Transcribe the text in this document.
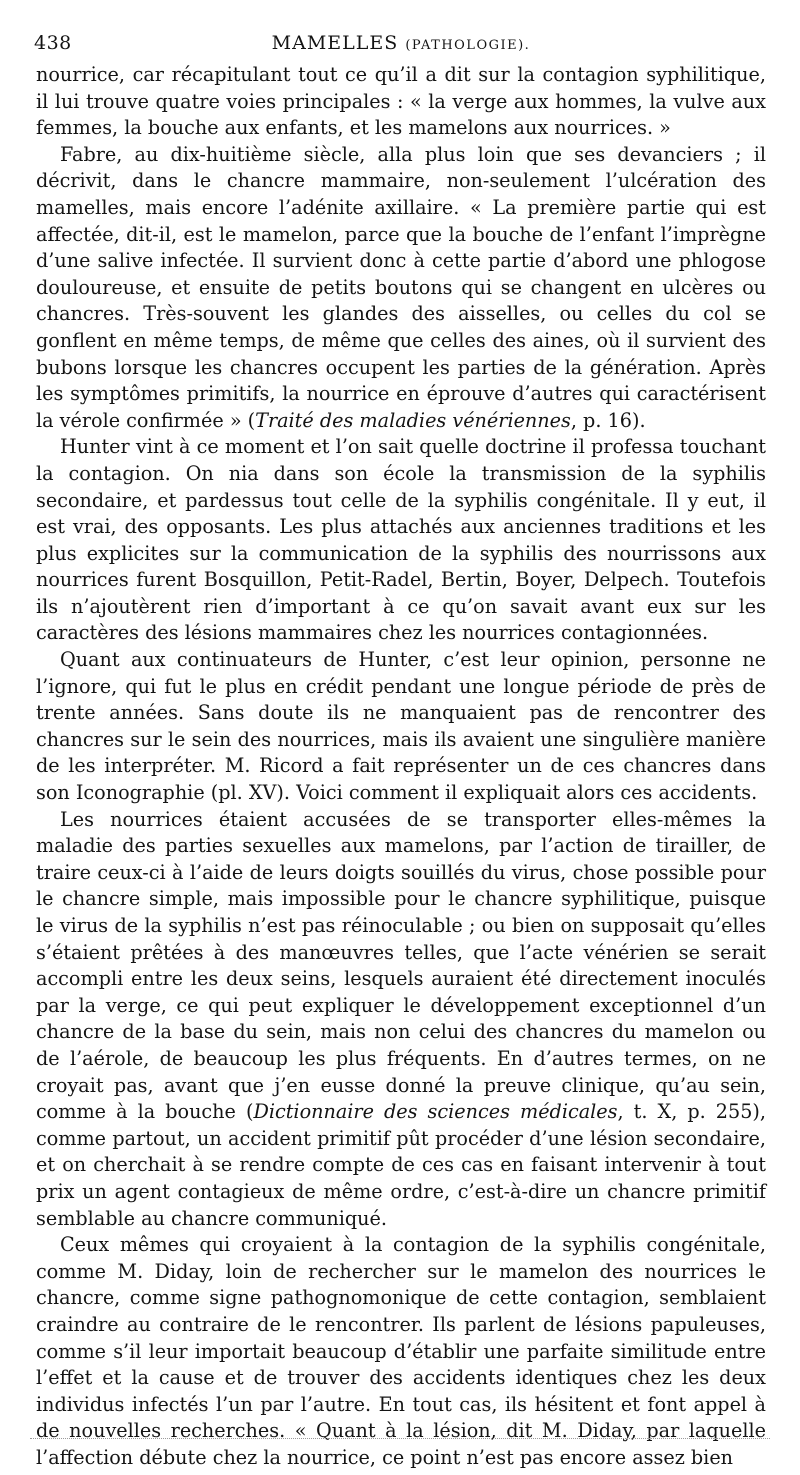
438	MAMELLES (PATHOLOGIE).

nourrice, car récapitulant tout ce qu’il a dit sur la contagion syphilitique, il lui trouve quatre voies principales : « la verge aux hommes, la vulve aux femmes, la bouche aux enfants, et les mamelons aux nourrices. »

Fabre, au dix-huitième siècle, alla plus loin que ses devanciers ; il décrivit, dans le chancre mammaire, non-seulement l’ulcération des mamelles, mais encore l’adénite axillaire. « La première partie qui est affectée, dit-il, est le mamelon, parce que la bouche de l’enfant l’imprègne d’une salive infectée. Il survient donc à cette partie d’abord une phlogose douloureuse, et ensuite de petits boutons qui se changent en ulcères ou chancres. Très-souvent les glandes des aisselles, ou celles du col se gonflent en même temps, de même que celles des aines, où il survient des bubons lorsque les chancres occupent les parties de la génération. Après les symptômes primitifs, la nourrice en éprouve d’autres qui caractérisent la vérole confirmée » (Traité des maladies vénériennes, p. 16).

Hunter vint à ce moment et l’on sait quelle doctrine il professa touchant la contagion. On nia dans son école la transmission de la syphilis secondaire, et pardessus tout celle de la syphilis congénitale. Il y eut, il est vrai, des opposants. Les plus attachés aux anciennes traditions et les plus explicites sur la communication de la syphilis des nourrissons aux nourrices furent Bosquillon, Petit-Radel, Bertin, Boyer, Delpech. Toutefois ils n’ajoutèrent rien d’important à ce qu’on savait avant eux sur les caractères des lésions mammaires chez les nourrices contagionnées.

Quant aux continuateurs de Hunter, c’est leur opinion, personne ne l’ignore, qui fut le plus en crédit pendant une longue période de près de trente années. Sans doute ils ne manquaient pas de rencontrer des chancres sur le sein des nourrices, mais ils avaient une singulière manière de les interpréter. M. Ricord a fait représenter un de ces chancres dans son Iconographie (pl. XV). Voici comment il expliquait alors ces accidents.

Les nourrices étaient accusées de se transporter elles-mêmes la maladie des parties sexuelles aux mamelons, par l’action de tirailler, de traire ceux-ci à l’aide de leurs doigts souillés du virus, chose possible pour le chancre simple, mais impossible pour le chancre syphilitique, puisque le virus de la syphilis n’est pas réinoculable ; ou bien on supposait qu’elles s’étaient prêtées à des manœuvres telles, que l’acte vénérien se serait accompli entre les deux seins, lesquels auraient été directement inoculés par la verge, ce qui peut expliquer le développement exceptionnel d’un chancre de la base du sein, mais non celui des chancres du mamelon ou de l’aérole, de beaucoup les plus fréquents. En d’autres termes, on ne croyait pas, avant que j’en eusse donné la preuve clinique, qu’au sein, comme à la bouche (Dictionnaire des sciences médicales, t. X, p. 255), comme partout, un accident primitif pût procéder d’une lésion secondaire, et on cherchait à se rendre compte de ces cas en faisant intervenir à tout prix un agent contagieux de même ordre, c’est-à-dire un chancre primitif semblable au chancre communiqué.

Ceux mêmes qui croyaient à la contagion de la syphilis congénitale, comme M. Diday, loin de rechercher sur le mamelon des nourrices le chancre, comme signe pathognomonique de cette contagion, semblaient craindre au contraire de le rencontrer. Ils parlent de lésions papuleuses, comme s’il leur importait beaucoup d’établir une parfaite similitude entre l’effet et la cause et de trouver des accidents identiques chez les deux individus infectés l’un par l’autre. En tout cas, ils hésitent et font appel à de nouvelles recherches. « Quant à la lésion, dit M. Diday, par laquelle l’affection débute chez la nourrice, ce point n’est pas encore assez bien
